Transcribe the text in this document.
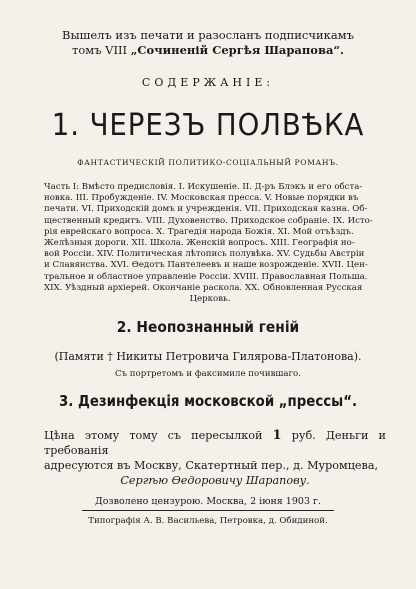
Вышелъ изъ печати и разосланъ подписчикамъ
томъ VIII „Сочиненій Сергѣя Шарапова“.
СОДЕРЖАНІЕ:
1. ЧЕРЕЗЪ ПОЛВѢКА
ФАНТАСТИЧЕСКІЙ ПОЛИТИКО-СОЦІАЛЬНЫЙ РОМАНЪ.
Часть I: Вмѣсто предисловія. I. Искушеніе. II. Д-ръ Блэкъ и его обста-
новка. III. Пробужденіе. IV. Московская пресса. V. Новые порядки въ
печати. VI. Приходскій домъ и учрежденія. VII. Приходская казна. Об-
щественный кредитъ. VIII. Духовенство. Приходское собраніе. IX. Исто-
рія еврейскаго вопроса. X. Трагедія народа Божія. XI. Мой отъѣздъ.
Желѣзныя дороги. XII. Школа. Женскій вопросъ. XIII. Географія но-
вой Россіи. XIV. Политическая лѣтопись полувѣка. XV. Судьбы Австріи
и Славянства. XVI. Ѳедотъ Пантелеевъ и наше возрожденіе. XVII. Цен-
тральное и областное управленіе Россіи. XVIII. Православная Польша.
XIX. Уѣздный архіерей. Окончаніе раскола. XX. Обновленная Русская
Церковь.
2. Неопознанный геній
(Памяти † Никиты Петровича Гилярова-Платонова).
Съ портретомъ и факсимиле почившаго.
3. Дезинфекція московской „прессы“.
Цѣна этому тому съ пересылкой 1 руб. Деньги и требованія
адресуются въ Москву, Скатертный пер., д. Муромцева,
Сергѣю Ѳедоровичу Шарапову.
Дозволено цензурою. Москва, 2 іюня 1903 г.
Типографія А. В. Васильева, Петровка, д. Обидиной.
